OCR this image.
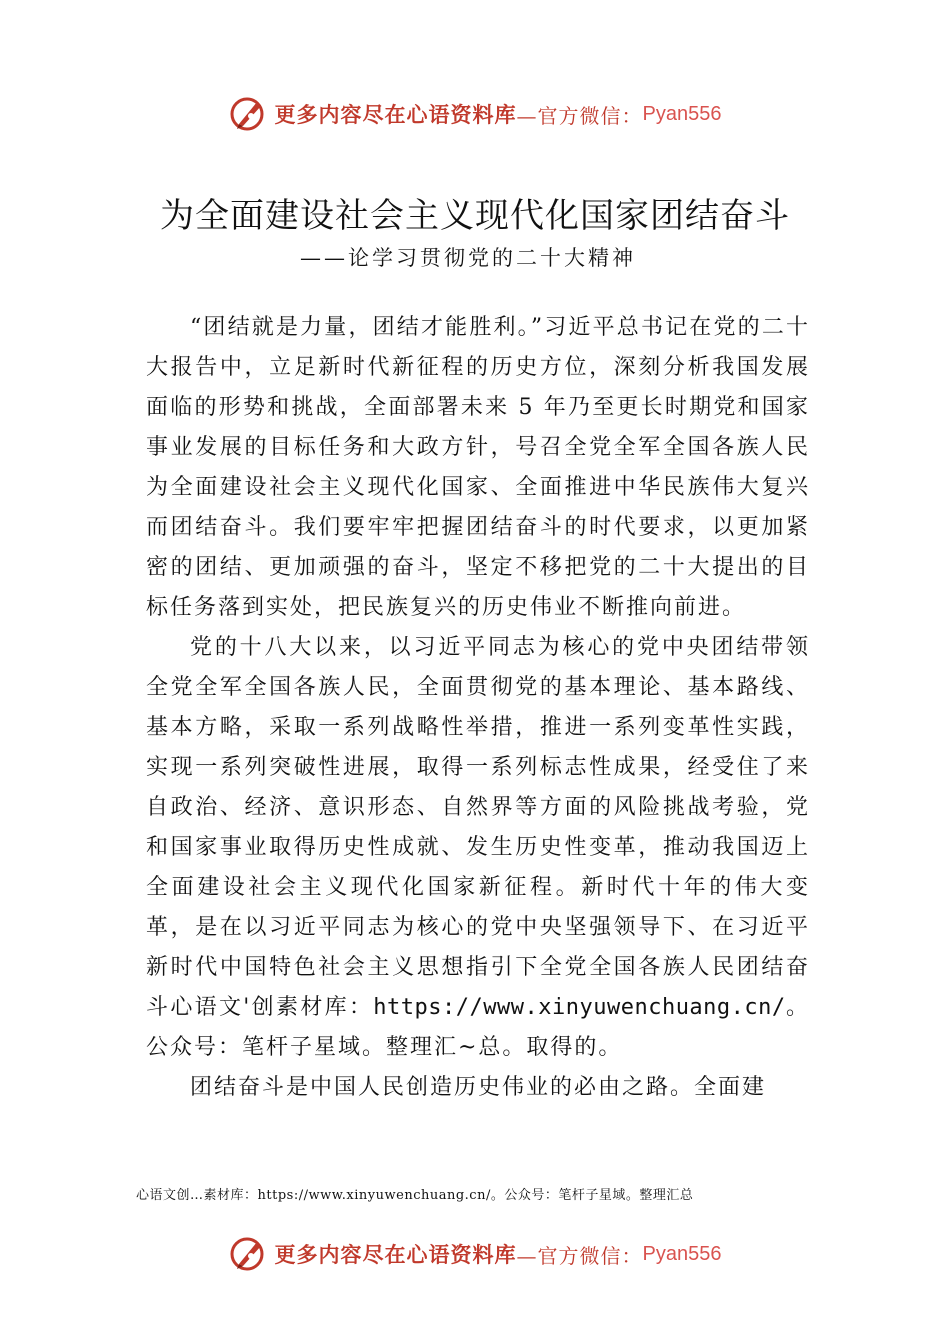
更多内容尽在心语资料库 —官方微信： Pyan556
为全面建设社会主义现代化国家团结奋斗
——论学习贯彻党的二十大精神

“团结就是力量，团结才能胜利。”习近平总书记在党的二十大报告中，立足新时代新征程的历史方位，深刻分析我国发展面临的形势和挑战，全面部署未来 5 年乃至更长时期党和国家事业发展的目标任务和大政方针，号召全党全军全国各族人民为全面建设社会主义现代化国家、全面推进中华民族伟大复兴而团结奋斗。我们要牢牢把握团结奋斗的时代要求，以更加紧密的团结、更加顽强的奋斗，坚定不移把党的二十大提出的目标任务落到实处，把民族复兴的历史伟业不断推向前进。

党的十八大以来，以习近平同志为核心的党中央团结带领全党全军全国各族人民，全面贯彻党的基本理论、基本路线、基本方略，采取一系列战略性举措，推进一系列变革性实践，实现一系列突破性进展，取得一系列标志性成果，经受住了来自政治、经济、意识形态、自然界等方面的风险挑战考验，党和国家事业取得历史性成就、发生历史性变革，推动我国迈上全面建设社会主义现代化国家新征程。新时代十年的伟大变革，是在以习近平同志为核心的党中央坚强领导下、在习近平新时代中国特色社会主义思想指引下全党全国各族人民团结奋斗心语文'创素材库：https://www.xinyuwenchuang.cn/。公众号：笔杆子星域。整理汇~总。取得的。

团结奋斗是中国人民创造历史伟业的必由之路。全面建

心语文创…素材库：https://www.xinyuwenchuang.cn/。公众号：笔杆子星域。整理汇总
更多内容尽在心语资料库 —官方微信： Pyan556
